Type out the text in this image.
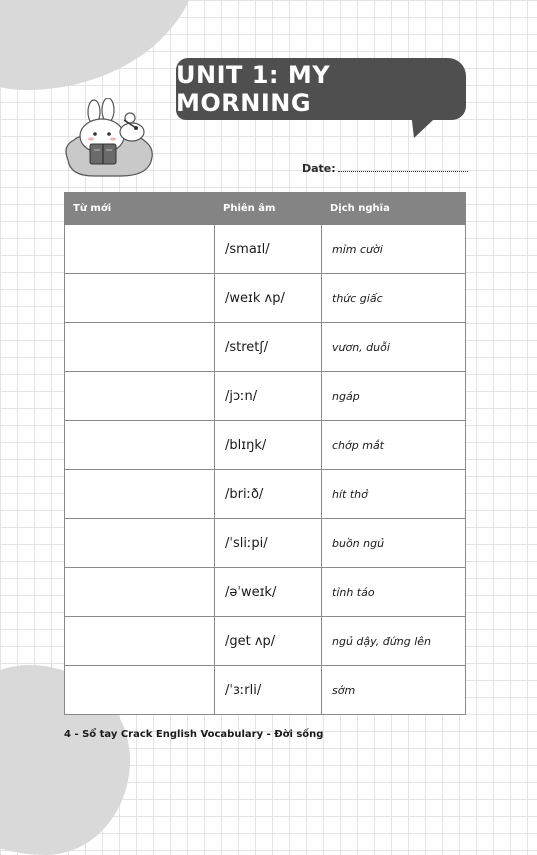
UNIT 1: MY MORNING
Date:
Từ mới	Phiên âm	Dịch nghĩa
	/smaɪl/	mỉm cười
	/weɪk ʌp/	thức giấc
	/stretʃ/	vươn, duỗi
	/jɔːn/	ngáp
	/blɪŋk/	chớp mắt
	/briːð/	hít thở
	/ˈsliːpi/	buồn ngủ
	/əˈweɪk/	tỉnh táo
	/get ʌp/	ngủ dậy, đứng lên
	/ˈɜːrli/	sớm
4 - Sổ tay Crack English Vocabulary - Đời sống
